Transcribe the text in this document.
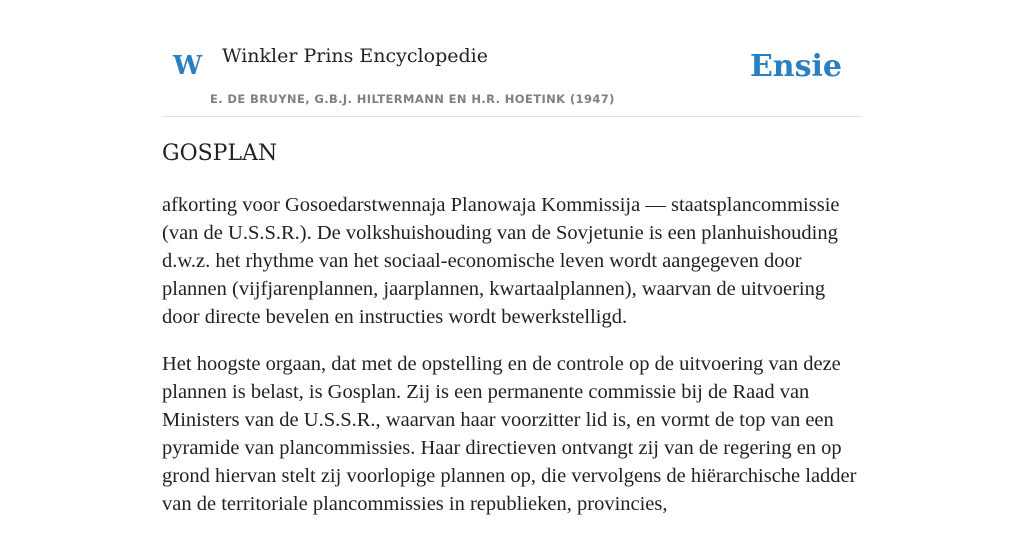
W Winkler Prins Encyclopedie
E. DE BRUYNE, G.B.J. HILTERMANN EN H.R. HOETINK (1947)
Ensie
GOSPLAN

afkorting voor Gosoedarstwennaja Planowaja Kommissija — staatsplancommissie (van de U.S.S.R.). De volkshuishouding van de Sovjetunie is een planhuishouding d.w.z. het rhythme van het sociaal-economische leven wordt aangegeven door plannen (vijfjarenplannen, jaarplannen, kwartaalplannen), waarvan de uitvoering door directe bevelen en instructies wordt bewerkstelligd.

Het hoogste orgaan, dat met de opstelling en de controle op de uitvoering van deze plannen is belast, is Gosplan. Zij is een permanente commissie bij de Raad van Ministers van de U.S.S.R., waarvan haar voorzitter lid is, en vormt de top van een pyramide van plancommissies. Haar directieven ontvangt zij van de regering en op grond hiervan stelt zij voorlopige plannen op, die vervolgens de hiërarchische ladder van de territoriale plancommissies in republieken, provincies,
